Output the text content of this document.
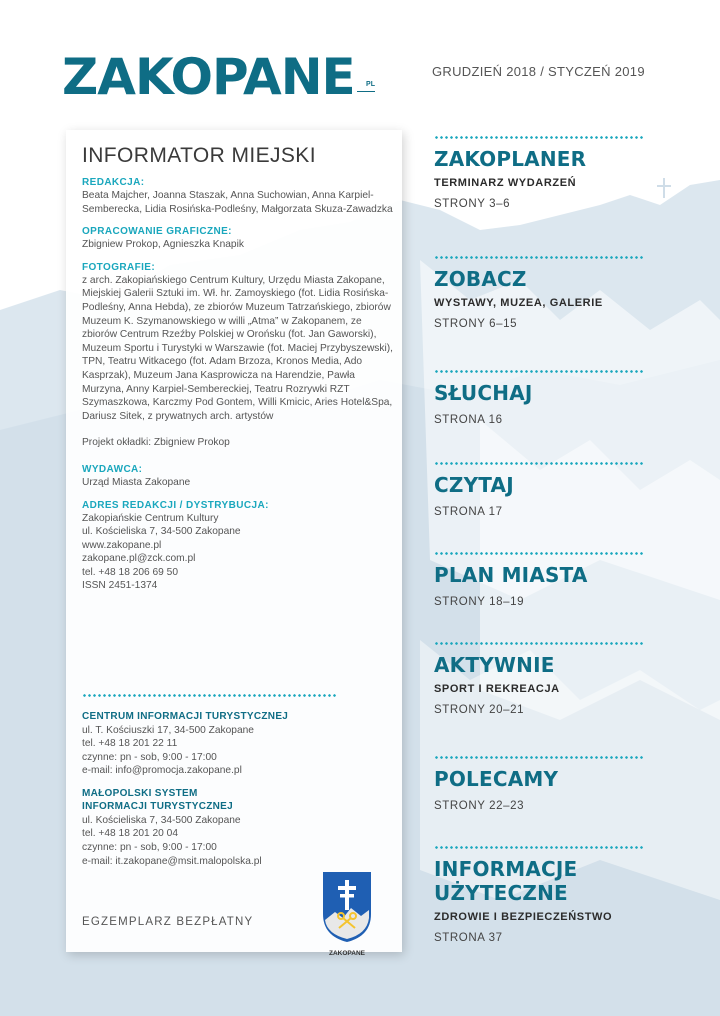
ZAKOPANE	PL
GRUDZIEŃ 2018 / STYCZEŃ 2019
INFORMATOR MIEJSKI
REDAKCJA:
Beata Majcher, Joanna Staszak, Anna Suchowian, Anna Karpiel-Semberecka, Lidia Rosińska-Podleśny, Małgorzata Skuza-Zawadzka
OPRACOWANIE GRAFICZNE:
Zbigniew Prokop, Agnieszka Knapik
FOTOGRAFIE:
z arch. Zakopiańskiego Centrum Kultury, Urzędu Miasta Zakopane, Miejskiej Galerii Sztuki im. Wł. hr. Zamoyskiego (fot. Lidia Rosińska-Podleśny, Anna Hebda), ze zbiorów Muzeum Tatrzańskiego, zbiorów Muzeum K. Szymanowskiego w willi „Atma” w Zakopanem, ze zbiorów Centrum Rzeźby Polskiej w Orońsku (fot. Jan Gaworski), Muzeum Sportu i Turystyki w Warszawie (fot. Maciej Przybyszewski), TPN, Teatru Witkacego (fot. Adam Brzoza, Kronos Media, Ado Kasprzak), Muzeum Jana Kasprowicza na Harendzie, Pawła Murzyna, Anny Karpiel-Sembereckiej, Teatru Rozrywki RZT Szymaszkowa, Karczmy Pod Gontem, Willi Kmicic, Aries Hotel&Spa, Dariusz Sitek, z prywatnych arch. artystów
Projekt okładki: Zbigniew Prokop
WYDAWCA:
Urząd Miasta Zakopane
ADRES REDAKCJI / DYSTRYBUCJA:
Zakopiańskie Centrum Kultury
ul. Kościeliska 7, 34-500 Zakopane
www.zakopane.pl
zakopane.pl@zck.com.pl
tel. +48 18 206 69 50
ISSN 2451-1374
CENTRUM INFORMACJI TURYSTYCZNEJ
ul. T. Kościuszki 17, 34-500 Zakopane
tel. +48 18 201 22 11
czynne: pn - sob, 9:00 - 17:00
e-mail: info@promocja.zakopane.pl
MAŁOPOLSKI SYSTEM
INFORMACJI TURYSTYCZNEJ
ul. Kościeliska 7, 34-500 Zakopane
tel. +48 18 201 20 04
czynne: pn - sob, 9:00 - 17:00
e-mail: it.zakopane@msit.malopolska.pl
EGZEMPLARZ BEZPŁATNY
ZAKOPANE
ZAKOPLANER
TERMINARZ WYDARZEŃ
STRONY 3–6
ZOBACZ
WYSTAWY, MUZEA, GALERIE
STRONY 6–15
SŁUCHAJ
STRONA 16
CZYTAJ
STRONA 17
PLAN MIASTA
STRONY 18–19
AKTYWNIE
SPORT I REKREACJA
STRONY 20–21
POLECAMY
STRONY 22–23
INFORMACJE
UŻYTECZNE
ZDROWIE I BEZPIECZEŃSTWO
STRONA 37
